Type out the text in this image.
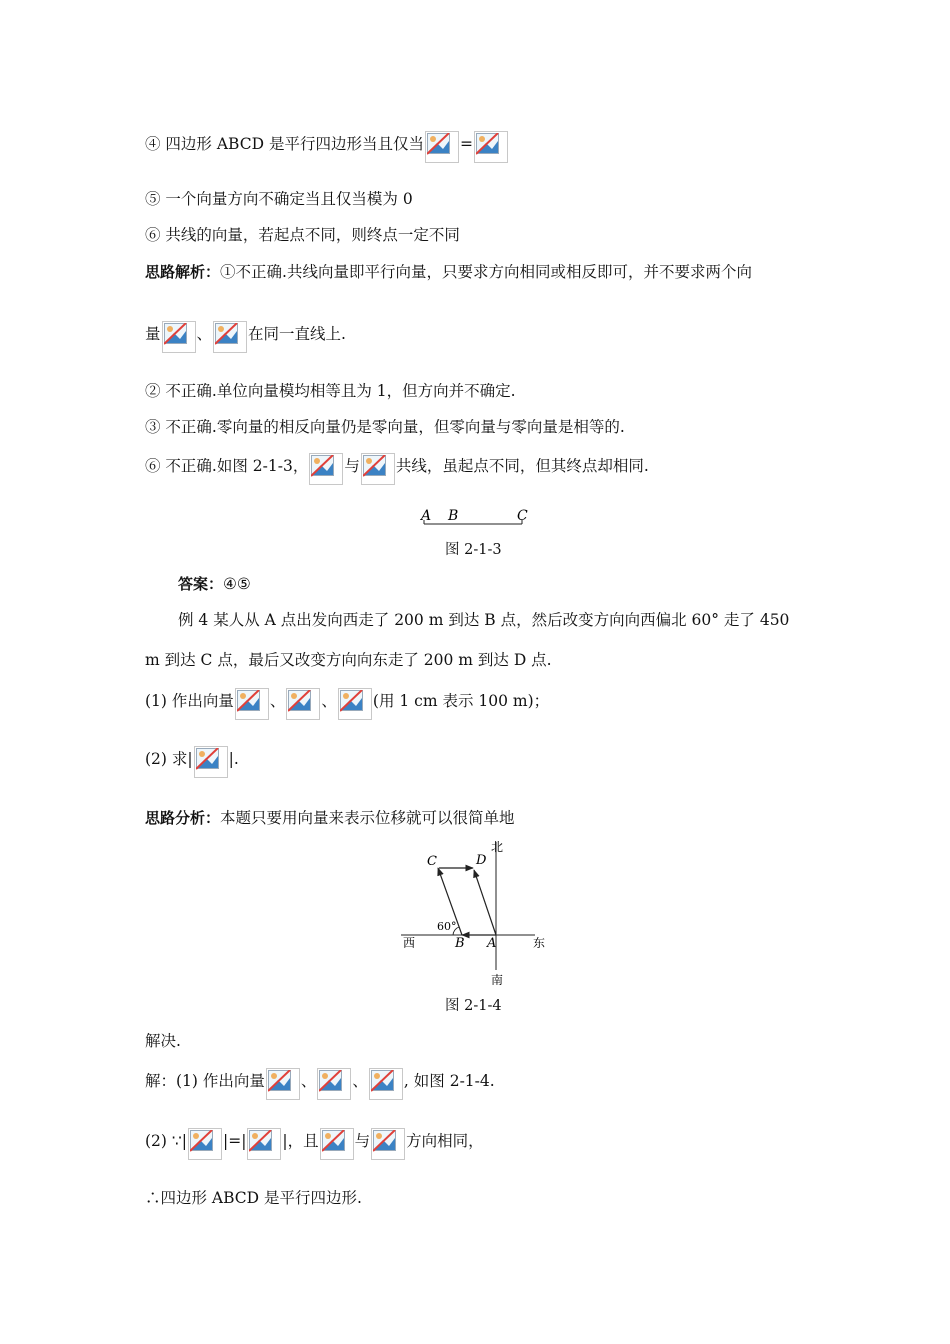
④ 四边形 ABCD 是平行四边形当且仅当 =
⑤ 一个向量方向不确定当且仅当模为 0
⑥ 共线的向量，若起点不同，则终点一定不同
思路解析：①不正确.共线向量即平行向量，只要求方向相同或相反即可，并不要求两个向
量 、 在同一直线上.
② 不正确.单位向量模均相等且为 1，但方向并不确定.
③ 不正确.零向量的相反向量仍是零向量，但零向量与零向量是相等的.
⑥ 不正确.如图 2-1-3， 与 共线，虽起点不同，但其终点却相同.
A B	C
图 2-1-3
答案：④⑤
例 4 某人从 A 点出发向西走了 200 m 到达 B 点，然后改变方向向西偏北 60° 走了 450
m 到达 C 点，最后又改变方向向东走了 200 m 到达 D 点.
(1) 作出向量 、 、 (用 1 cm 表示 100 m)；
(2) 求| |.
思路分析：本题只要用向量来表示位移就可以很简单地
北
南
西	东
60°
C	D
B A
图 2-1-4
解决.
解：(1) 作出向量 、 、 , 如图 2-1-4.
(2) ∵| |=| |，且 与 方向相同，
∴四边形 ABCD 是平行四边形.
